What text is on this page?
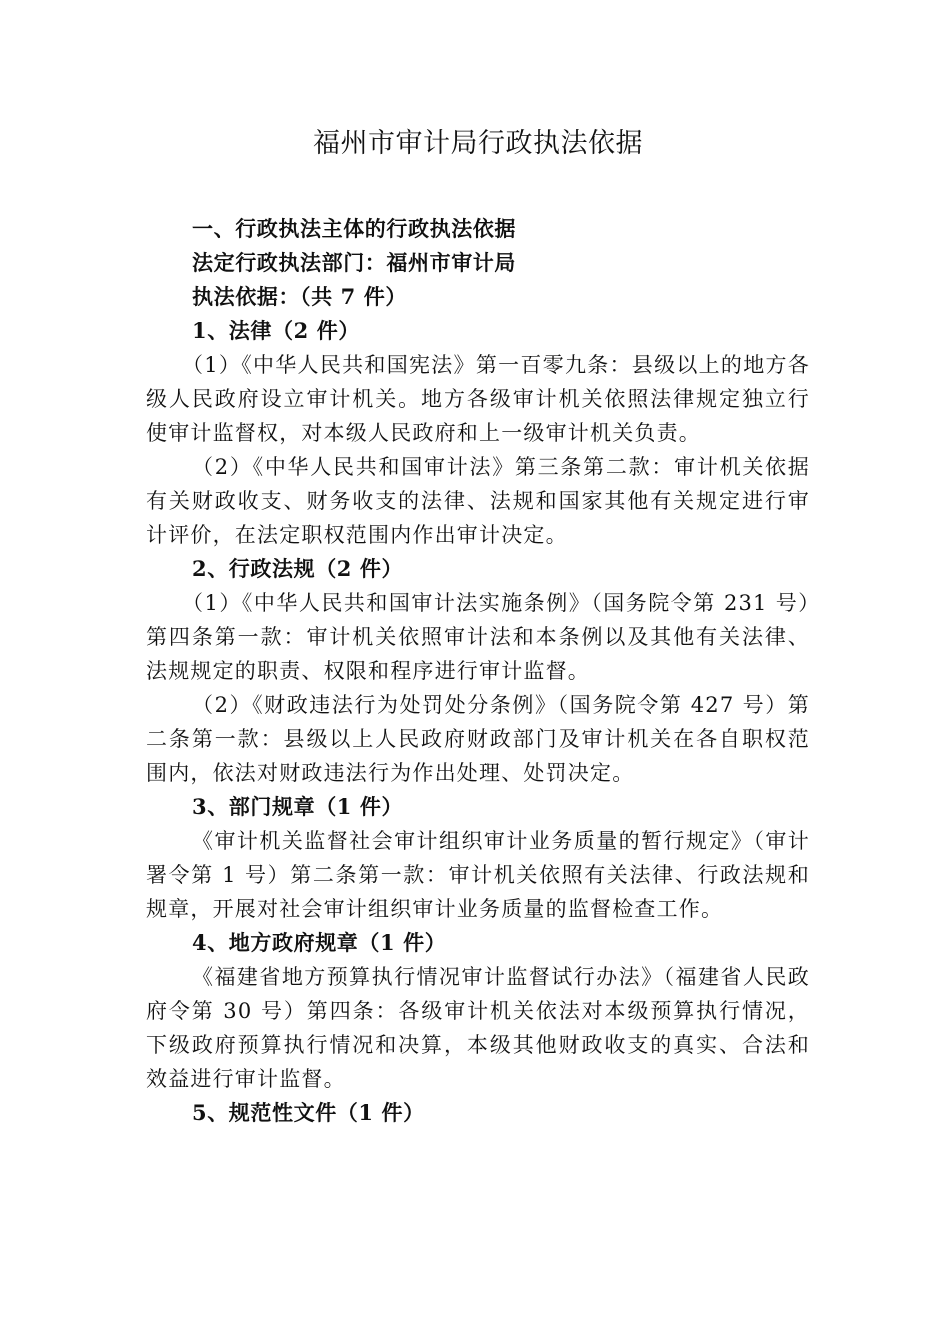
福州市审计局行政执法依据
一、行政执法主体的行政执法依据
法定行政执法部门：福州市审计局
执法依据：（共 7 件）
1、法律（2 件）
（1）《中华人民共和国宪法》第一百零九条：县级以上的地方各级人民政府设立审计机关。地方各级审计机关依照法律规定独立行使审计监督权，对本级人民政府和上一级审计机关负责。
（2）《中华人民共和国审计法》第三条第二款：审计机关依据有关财政收支、财务收支的法律、法规和国家其他有关规定进行审计评价，在法定职权范围内作出审计决定。
2、行政法规（2 件）
（1）《中华人民共和国审计法实施条例》（国务院令第 231 号）第四条第一款：审计机关依照审计法和本条例以及其他有关法律、法规规定的职责、权限和程序进行审计监督。
（2）《财政违法行为处罚处分条例》（国务院令第 427 号）第二条第一款：县级以上人民政府财政部门及审计机关在各自职权范围内，依法对财政违法行为作出处理、处罚决定。
3、部门规章（1 件）
《审计机关监督社会审计组织审计业务质量的暂行规定》（审计署令第 1 号）第二条第一款：审计机关依照有关法律、行政法规和规章，开展对社会审计组织审计业务质量的监督检查工作。
4、地方政府规章（1 件）
《福建省地方预算执行情况审计监督试行办法》（福建省人民政府令第 30 号）第四条：各级审计机关依法对本级预算执行情况，下级政府预算执行情况和决算，本级其他财政收支的真实、合法和效益进行审计监督。
5、规范性文件（1 件）
